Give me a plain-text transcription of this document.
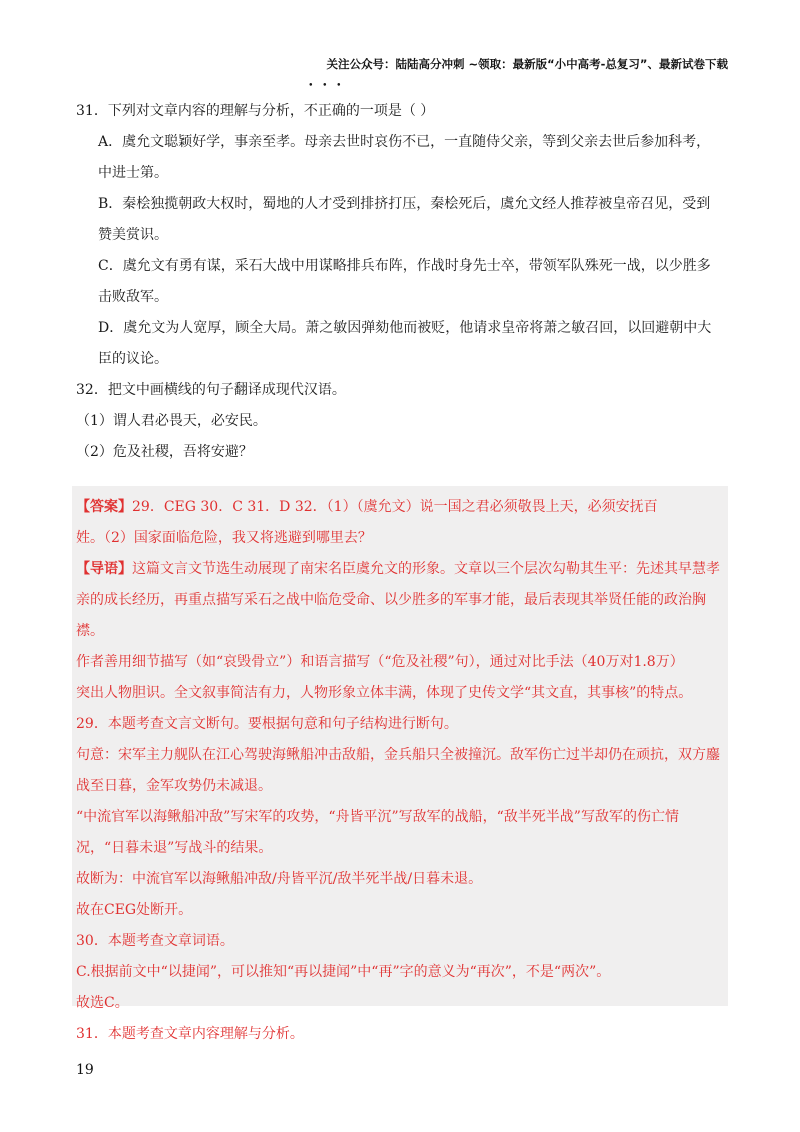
关注公众号：陆陆高分冲刺 ~领取：最新版“小中高考-总复习”、最新试卷下载

31．下列对文章内容的理解与分析，不正确的一项是（ ）

A．虞允文聪颖好学，事亲至孝。母亲去世时哀伤不已，一直随侍父亲，等到父亲去世后参加科考，
中进士第。

B．秦桧独揽朝政大权时，蜀地的人才受到排挤打压，秦桧死后，虞允文经人推荐被皇帝召见，受到
赞美赏识。

C．虞允文有勇有谋，采石大战中用谋略排兵布阵，作战时身先士卒，带领军队殊死一战，以少胜多
击败敌军。

D．虞允文为人宽厚，顾全大局。萧之敏因弹劾他而被贬，他请求皇帝将萧之敏召回，以回避朝中大
臣的议论。

32．把文中画横线的句子翻译成现代汉语。

（1）谓人君必畏天，必安民。

（2）危及社稷，吾将安避？

【答案】29．CEG 30．C 31．D 32．（1）（虞允文）说一国之君必须敬畏上天，必须安抚百

姓。（2）国家面临危险，我又将逃避到哪里去？

【导语】这篇文言文节选生动展现了南宋名臣虞允文的形象。文章以三个层次勾勒其生平：先述其早慧孝

亲的成长经历，再重点描写采石之战中临危受命、以少胜多的军事才能，最后表现其举贤任能的政治胸襟。

作者善用细节描写（如“哀毁骨立”）和语言描写（“危及社稷”句），通过对比手法（40万对1.8万）

突出人物胆识。全文叙事简洁有力，人物形象立体丰满，体现了史传文学“其文直，其事核”的特点。

29．本题考查文言文断句。要根据句意和句子结构进行断句。

句意：宋军主力舰队在江心驾驶海鳅船冲击敌船，金兵船只全被撞沉。敌军伤亡过半却仍在顽抗，双方鏖

战至日暮，金军攻势仍未减退。

“中流官军以海鳅船冲敌”写宋军的攻势，“舟皆平沉”写敌军的战船，“敌半死半战”写敌军的伤亡情

况，“日暮未退”写战斗的结果。

故断为：中流官军以海鳅船冲敌/舟皆平沉/敌半死半战/日暮未退。

故在CEG处断开。

30．本题考查文章词语。

C.根据前文中“以捷闻”，可以推知“再以捷闻”中“再”字的意义为“再次”，不是“两次”。

故选C。

31．本题考查文章内容理解与分析。

19
